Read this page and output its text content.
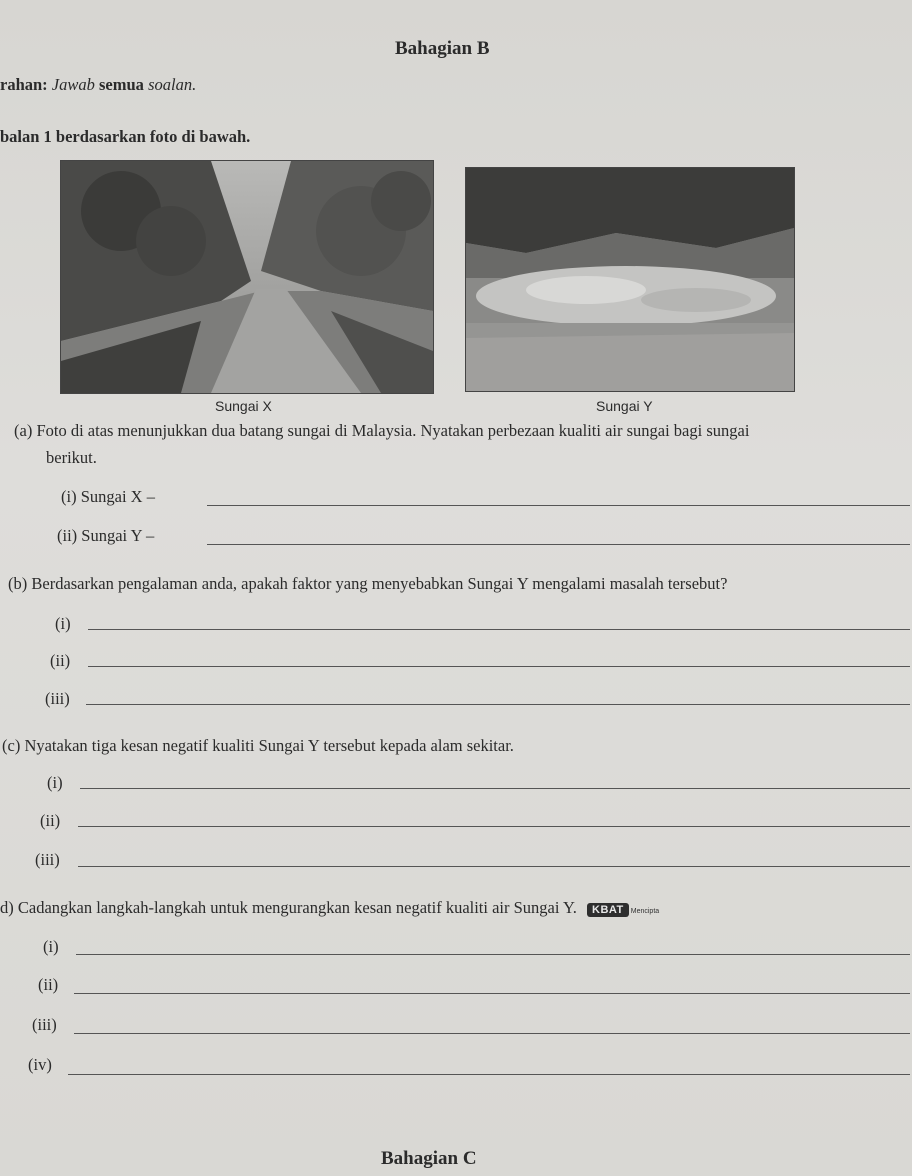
Bahagian B
rahan: Jawab semua soalan.
balan 1 berdasarkan foto di bawah.
Sungai X	Sungai Y
(a) Foto di atas menunjukkan dua batang sungai di Malaysia. Nyatakan perbezaan kualiti air sungai bagi sungai
berikut.
(i) Sungai X –
(ii) Sungai Y –
(b) Berdasarkan pengalaman anda, apakah faktor yang menyebabkan Sungai Y mengalami masalah tersebut?
(i)
(ii)
(iii)
(c) Nyatakan tiga kesan negatif kualiti Sungai Y tersebut kepada alam sekitar.
(i)
(ii)
(iii)
d) Cadangkan langkah-langkah untuk mengurangkan kesan negatif kualiti air Sungai Y. KBAT Mencipta
(i)
(ii)
(iii)
(iv)
Bahagian C
